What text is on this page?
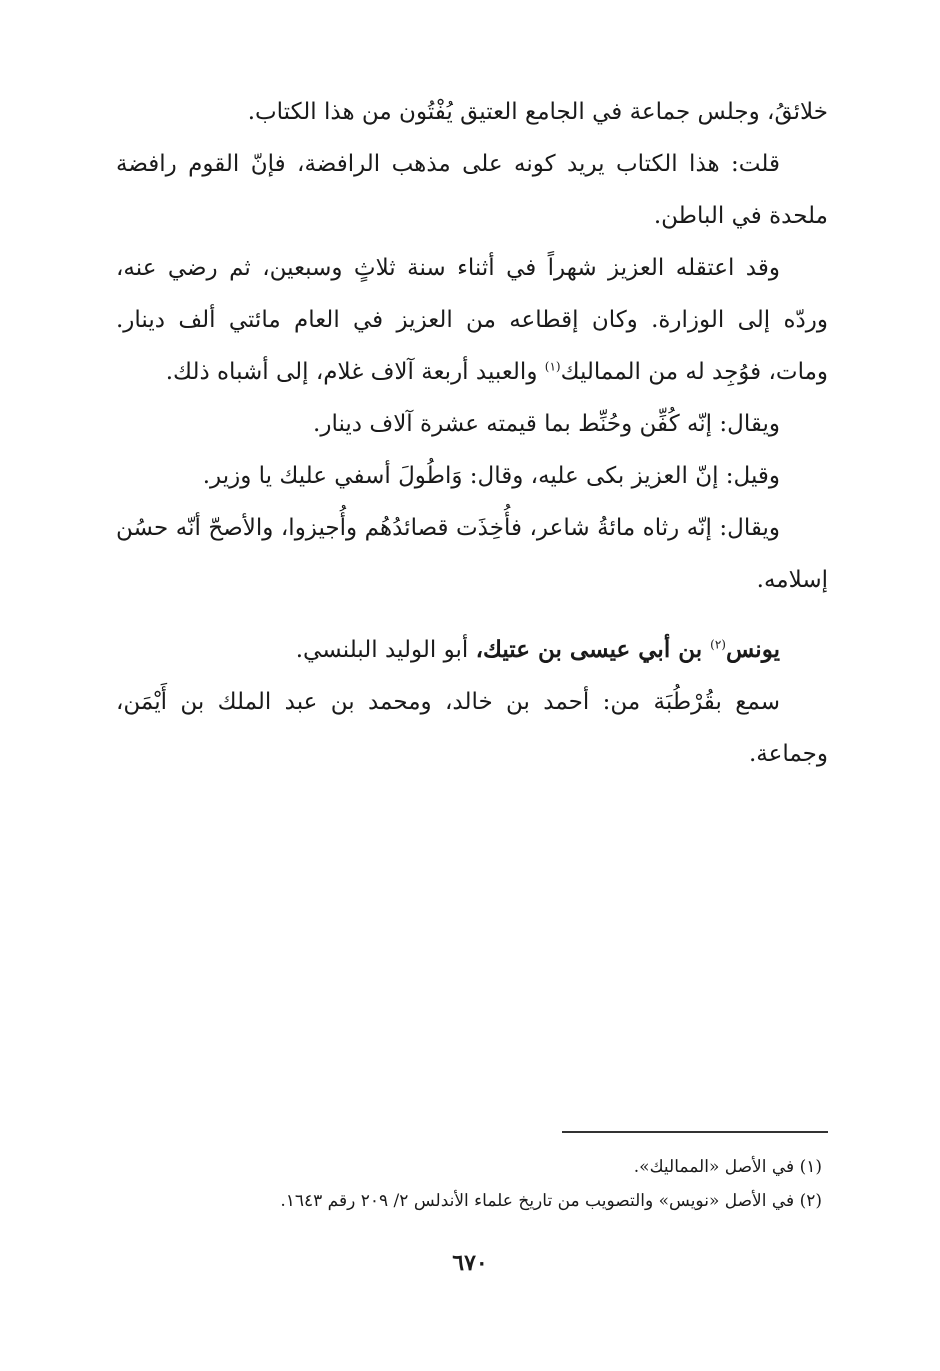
خلائقُ، وجلس جماعة في الجامع العتيق يُفْتُون من هذا الكتاب.

قلت: هذا الكتاب يريد كونه على مذهب الرافضة، فإنّ القوم رافضة ملحدة في الباطن.

وقد اعتقله العزيز شهراً في أثناء سنة ثلاثٍ وسبعين، ثم رضي عنه، وردّه إلى الوزارة. وكان إقطاعه من العزيز في العام مائتي ألف دينار. ومات، فوُجِد له من المماليك$^{(١)}$ والعبيد أربعة آلاف غلام، إلى أشباه ذلك.

ويقال: إنّه كُفِّن وحُنِّط بما قيمته عشرة آلاف دينار.

وقيل: إنّ العزيز بكى عليه، وقال: وَاطُولَ أسفي عليك يا وزير.

ويقال: إنّه رثاه مائةُ شاعر، فأُخِذَت قصائدُهُم وأُجيزوا، والأصحّ أنّه حسُن إسلامه.

يونس$^{(٢)}$ بن أبي عيسى بن عتيك، أبو الوليد البلنسي.

سمع بقُرْطُبَة من: أحمد بن خالد، ومحمد بن عبد الملك بن أَيْمَن، وجماعة.

(١) في الأصل «المماليك».

(٢) في الأصل «نويس» والتصويب من تاريخ علماء الأندلس ٢/ ٢٠٩ رقم ١٦٤٣.

٦٧٠
